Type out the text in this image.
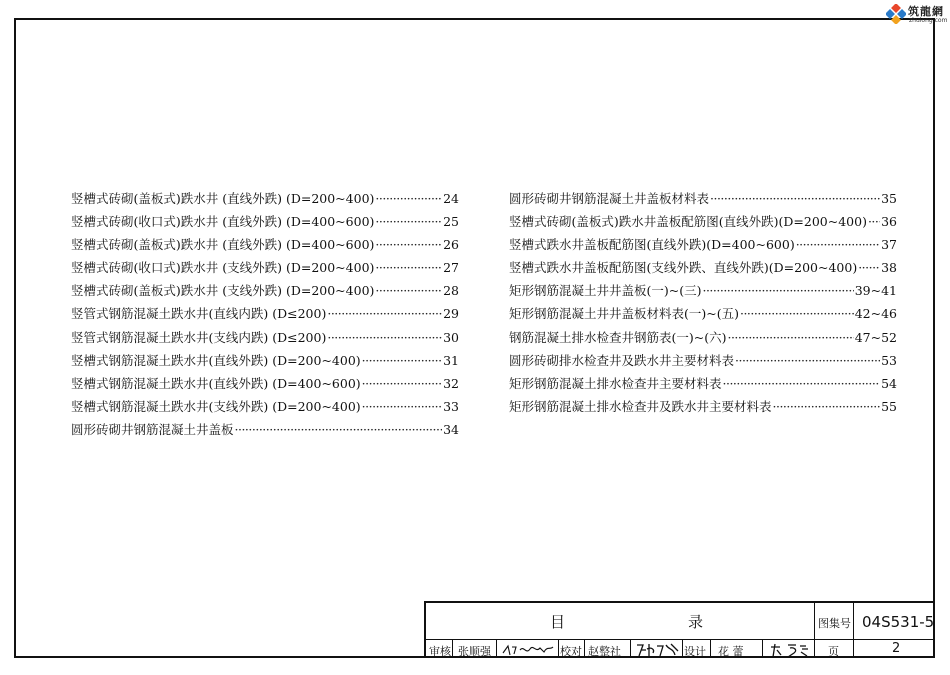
筑龍網
zhulong.com
竖槽式砖砌(盖板式)跌水井 (直线外跌) (D=200~400) ·····	24
竖槽式砖砌(收口式)跌水井 (直线外跌) (D=400~600) ·····	25
竖槽式砖砌(盖板式)跌水井 (直线外跌) (D=400~600) ·····	26
竖槽式砖砌(收口式)跌水井 (支线外跌) (D=200~400) ·····	27
竖槽式砖砌(盖板式)跌水井 (支线外跌) (D=200~400) ·····	28
竖管式钢筋混凝土跌水井(直线内跌) (D≤200) ·····	29
竖管式钢筋混凝土跌水井(支线内跌) (D≤200) ·····	30
竖槽式钢筋混凝土跌水井(直线外跌) (D=200~400) ·····	31
竖槽式钢筋混凝土跌水井(直线外跌) (D=400~600) ·····	32
竖槽式钢筋混凝土跌水井(支线外跌) (D=200~400) ·····	33
圆形砖砌井钢筋混凝土井盖板 ·····	34
圆形砖砌井钢筋混凝土井盖板材料表 ·····	35
竖槽式砖砌(盖板式)跌水井盖板配筋图(直线外跌)(D=200~400) ····· 36
竖槽式跌水井盖板配筋图(直线外跌)(D=400~600) ·····	37
竖槽式跌水井盖板配筋图(支线外跌、直线外跌)(D=200~400) ····· 38
矩形钢筋混凝土井井盖板(一)~(三) ·····	39~41
矩形钢筋混凝土井井盖板材料表(一)~(五) ·····	42~46
钢筋混凝土排水检查井钢筋表(一)~(六) ·····	47~52
圆形砖砌排水检查井及跌水井主要材料表 ·····	53
矩形钢筋混凝土排水检查井主要材料表 ·····	54
矩形钢筋混凝土排水检查井及跌水井主要材料表 ·····	55
目	录	图集号 04S531-5
审核 张顺强	校对 赵整社	设计 花 蕾	页	2
